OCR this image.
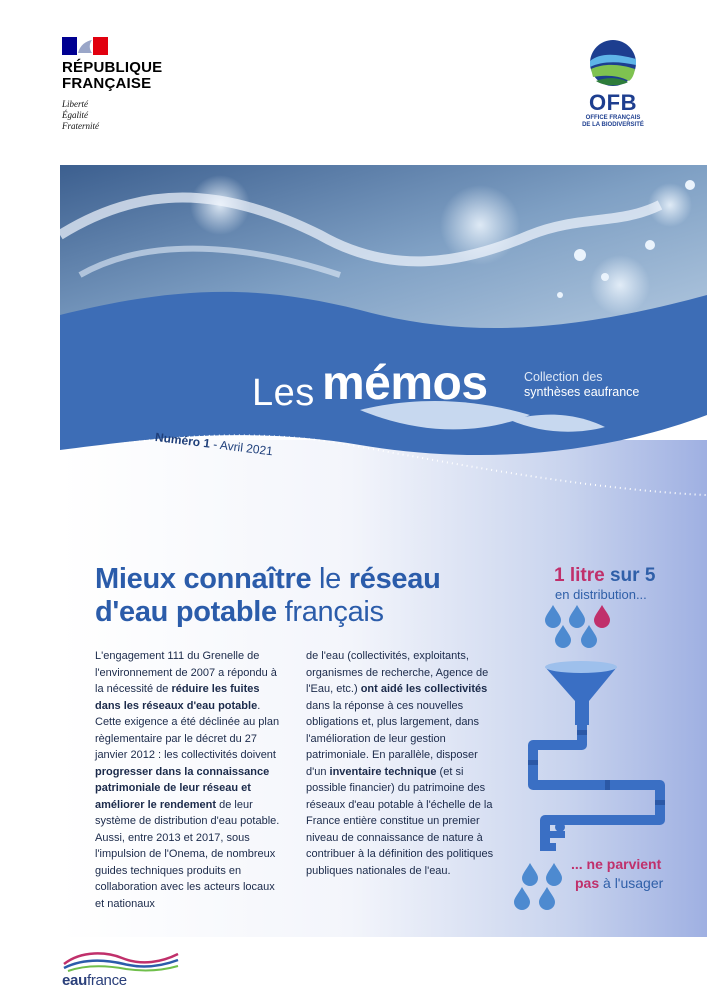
RÉPUBLIQUE
FRANÇAISE
Liberté
Égalité
Fraternité
OFB
OFFICE FRANÇAIS
DE LA BIODIVERSITÉ
Les mémos	Collection des
synthèses eaufrance
Numéro 1 - Avril 2021
Mieux connaître le réseau
d'eau potable français
L'engagement 111 du Grenelle de l'environnement de 2007 a répondu à la nécessité de réduire les fuites dans les réseaux d'eau potable. Cette exigence a été déclinée au plan règlementaire par le décret du 27 janvier 2012 : les collectivités doivent progresser dans la connaissance patrimoniale de leur réseau et améliorer le rendement de leur système de distribution d'eau potable. Aussi, entre 2013 et 2017, sous l'impulsion de l'Onema, de nombreux guides techniques produits en collaboration avec les acteurs locaux et nationaux
de l'eau (collectivités, exploitants, organismes de recherche, Agence de l'Eau, etc.) ont aidé les collectivités dans la réponse à ces nouvelles obligations et, plus largement, dans l'amélioration de leur gestion patrimoniale. En parallèle, disposer d'un inventaire technique (et si possible financier) du patrimoine des réseaux d'eau potable à l'échelle de la France entière constitue un premier niveau de connaissance de nature à contribuer à la définition des politiques publiques nationales de l'eau.
1 litre sur 5
en distribution...
... ne parvient
pas à l'usager
eaufrance
